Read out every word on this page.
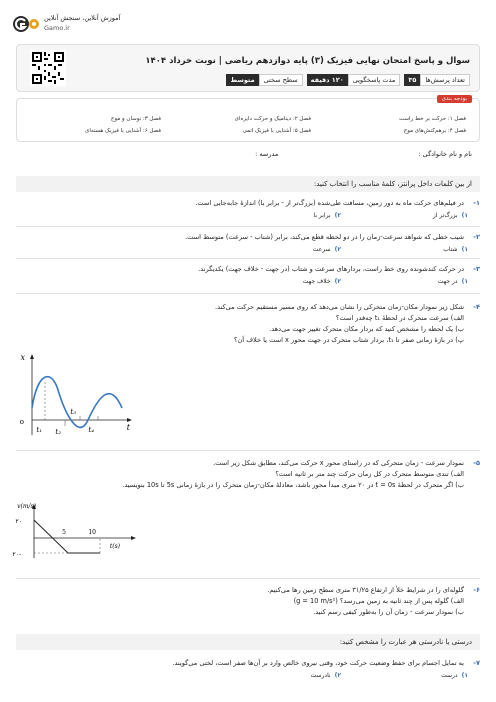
آموزش آنلاین، سنجش آنلاین
Gamo.ir
سوال و پاسخ امتحان نهایی فیزیک (۳) پایه دوازدهم ریاضی | نوبت خرداد ۱۴۰۴
تعداد پرسش‌ها
۳۵
مدت پاسخگویی
۱۲۰ دقیقه
سطح سختی
متوسط
بودجه بندی
فصل ۱: حرکت بر خط راست
فصل ۲: دینامیک و حرکت دایره‌ای
فصل ۳: نوسان و موج
فصل ۴: برهم‌کنش‌های موج
فصل ۵: آشنایی با فیزیک اتمی
فصل ۶: آشنایی با فیزیک هسته‌ای
نام و نام خانوادگی :
مدرسه :
از بین کلمات داخل پرانتز، کلمهٔ مناسب را انتخاب کنید:
۱-
در فیلم‌های حرکت ماه به دور زمین، مسافت طی‌شده (بزرگ‌تر از - برابر با) اندازهٔ جابه‌جایی است.
۱)
بزرگ‌تر از
۲)
برابر با
۲-
شیب خطی که شواهد سرعت-زمان را در دو لحظه قطع می‌کند، برابر (شتاب - سرعت) متوسط است.
۱)
شتاب
۲)
سرعت
۳-
در حرکت کندشونده روی خط راست، بردارهای سرعت و شتاب (در جهت - خلاف جهت) یکدیگرند.
۱)
در جهت
۲)
خلاف جهت
۴-
شکل زیر نمودار مکان-زمان متحرکی را نشان می‌دهد که روی مسیر مستقیم حرکت می‌کند.
الف) سرعت متحرک در لحظهٔ t₁ چه‌قدر است؟
ب) یک لحظه را مشخص کنید که بردار مکان متحرک تغییر جهت می‌دهد.
پ) در بازهٔ زمانی صفر تا t₁، بردار شتاب متحرک در جهت محور x است یا خلاف آن؟
x
t
o
t₁ t₂
t₃
t₄
۵-
نمودار سرعت - زمان متحرکی که در راستای محور x حرکت می‌کند، مطابق شکل زیر است.
الف) تندی متوسط متحرک در کل زمان حرکت چند متر بر ثانیه است؟
ب) اگر متحرک در لحظهٔ t = 0s در ۲۰ متری مبدأ محور باشد، معادلهٔ مکان-زمان متحرک را در بازهٔ زمانی 5s تا 10s بنویسید.
v(m/s)
t(s)
۲۰
-۲۰
5	10
۶-
گلوله‌ای را در شرایط خلأ از ارتفاع ۳۱/۲۵ متری سطح زمین رها می‌کنیم.
الف) گلوله پس از چند ثانیه به زمین می‌رسد؟ (g = 10 m/s²)
ب) نمودار سرعت - زمان آن را به‌طور کیفی رسم کنید.
درستی یا نادرستی هر عبارت را مشخص کنید:
۷-
به تمایل اجسام برای حفظ وضعیت حرکت خود، وقتی نیروی خالص وارد بر آن‌ها صفر است، لختی می‌گویند.
۱)
درست
۲)
نادرست
